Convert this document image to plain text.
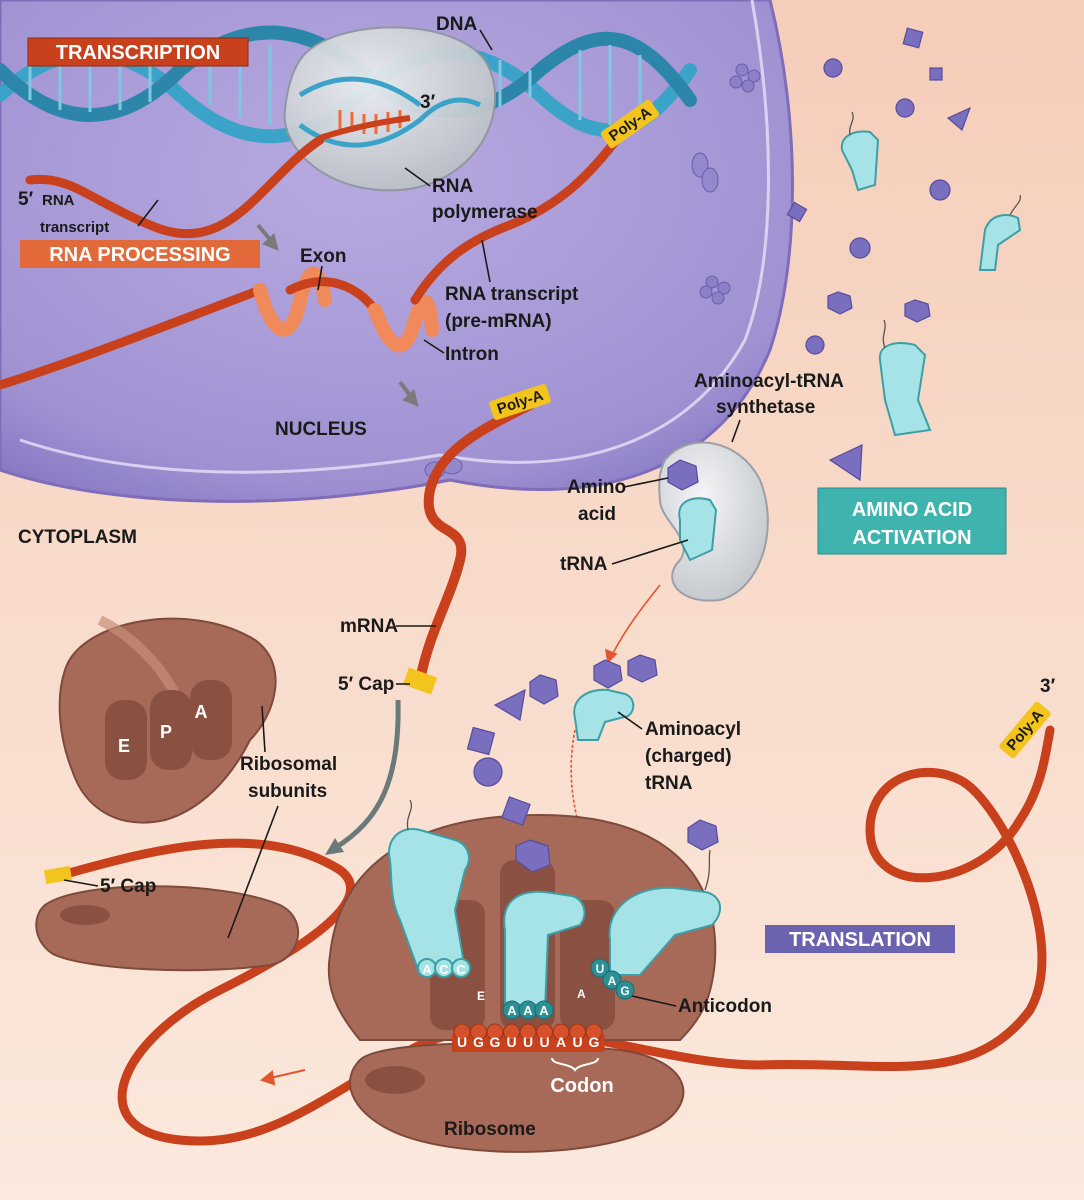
Poly-A
Poly-A
Poly-A
E
P
A
U G G U U U A U G
A C C
E
A A A
U
A
G
A
TRANSCRIPTION
RNA PROCESSING
AMINO ACID
ACTIVATION
TRANSLATION
NUCLEUS
CYTOPLASM
DNA
3′
5′ RNA
transcript
RNA
polymerase
Exon
RNA transcript
(pre-mRNA)
Intron
Aminoacyl-tRNA
synthetase
Amino
acid
tRNA
mRNA
5′ Cap
Ribosomal
subunits
5′ Cap
Aminoacyl
(charged)
tRNA
3′
Anticodon
Codon
Ribosome
